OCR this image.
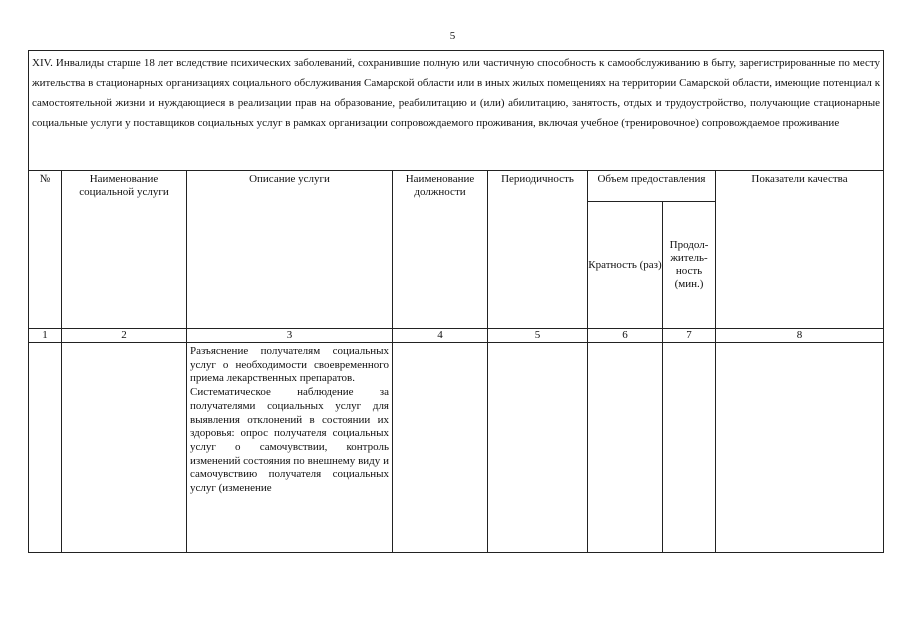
5
XIV. Инвалиды старше 18 лет вследствие психических заболеваний, сохранившие полную или частичную способность к самообслуживанию в быту, зарегистрированные по месту жительства в стационарных организациях социального обслуживания Самарской области или в иных жилых помещениях на территории Самарской области, имеющие потенциал к самостоятельной жизни и нуждающиеся в реализации прав на образование, реабилитацию и (или) абилитацию, занятость, отдых и трудоустройство, получающие стационарные социальные услуги у поставщиков социальных услуг в рамках организации сопровождаемого проживания, включая учебное (тренировочное) сопровождаемое проживание							
№	Наименование социальной услуги	Описание услуги	Наименование должности	Периодичность	Объем предоставления		Показатели качества
					Кратность (раз)	Продол-житель-ность (мин.)	
1	2	3	4	5	6	7	8

		Разъяснение получателям социальных услуг о необходимости своевременного приема лекарственных препаратов.

Систематическое наблюдение за получателями социальных услуг для выявления отклонений в состоянии их здоровья: опрос получателя социальных услуг о самочувствии, контроль изменений состояния по внешнему виду и самочувствию получателя социальных услуг (изменение					
